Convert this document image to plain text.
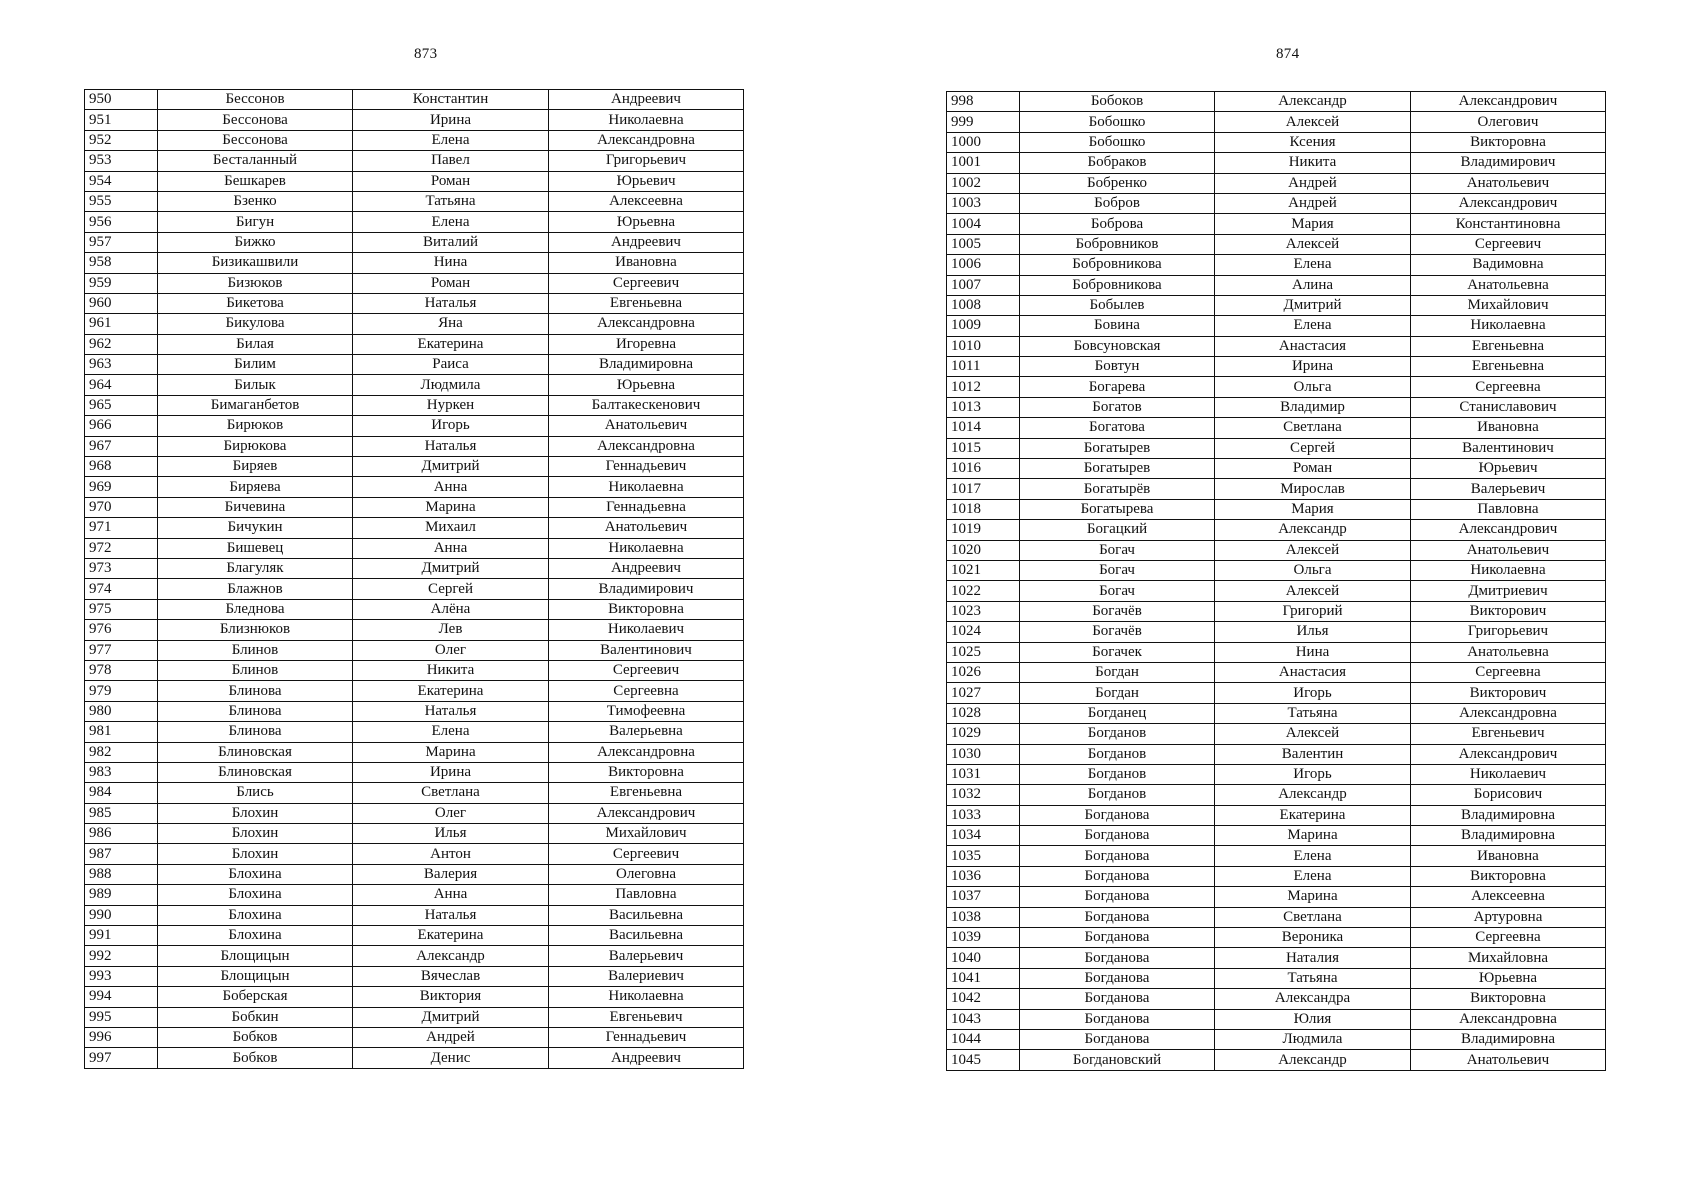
873
950	Бессонов	Константин	Андреевич
951	Бессонова	Ирина	Николаевна
952	Бессонова	Елена	Александровна
953	Бесталанный	Павел	Григорьевич
954	Бешкарев	Роман	Юрьевич
955	Бзенко	Татьяна	Алексеевна
956	Бигун	Елена	Юрьевна
957	Бижко	Виталий	Андреевич
958	Бизикашвили	Нина	Ивановна
959	Бизюков	Роман	Сергеевич
960	Бикетова	Наталья	Евгеньевна
961	Бикулова	Яна	Александровна
962	Билая	Екатерина	Игоревна
963	Билим	Раиса	Владимировна
964	Билык	Людмила	Юрьевна
965	Бимаганбетов	Нуркен	Балтакескенович
966	Бирюков	Игорь	Анатольевич
967	Бирюкова	Наталья	Александровна
968	Биряев	Дмитрий	Геннадьевич
969	Биряева	Анна	Николаевна
970	Бичевина	Марина	Геннадьевна
971	Бичукин	Михаил	Анатольевич
972	Бишевец	Анна	Николаевна
973	Благуляк	Дмитрий	Андреевич
974	Блажнов	Сергей	Владимирович
975	Бледнова	Алёна	Викторовна
976	Близнюков	Лев	Николаевич
977	Блинов	Олег	Валентинович
978	Блинов	Никита	Сергеевич
979	Блинова	Екатерина	Сергеевна
980	Блинова	Наталья	Тимофеевна
981	Блинова	Елена	Валерьевна
982	Блиновская	Марина	Александровна
983	Блиновская	Ирина	Викторовна
984	Блись	Светлана	Евгеньевна
985	Блохин	Олег	Александрович
986	Блохин	Илья	Михайлович
987	Блохин	Антон	Сергеевич
988	Блохина	Валерия	Олеговна
989	Блохина	Анна	Павловна
990	Блохина	Наталья	Васильевна
991	Блохина	Екатерина	Васильевна
992	Блощицын	Александр	Валерьевич
993	Блощицын	Вячеслав	Валериевич
994	Боберская	Виктория	Николаевна
995	Бобкин	Дмитрий	Евгеньевич
996	Бобков	Андрей	Геннадьевич
997	Бобков	Денис	Андреевич
874
998	Бобоков	Александр	Александрович
999	Бобошко	Алексей	Олегович
1000	Бобошко	Ксения	Викторовна
1001	Бобраков	Никита	Владимирович
1002	Бобренко	Андрей	Анатольевич
1003	Бобров	Андрей	Александрович
1004	Боброва	Мария	Константиновна
1005	Бобровников	Алексей	Сергеевич
1006	Бобровникова	Елена	Вадимовна
1007	Бобровникова	Алина	Анатольевна
1008	Бобылев	Дмитрий	Михайлович
1009	Бовина	Елена	Николаевна
1010	Бовсуновская	Анастасия	Евгеньевна
1011	Бовтун	Ирина	Евгеньевна
1012	Богарева	Ольга	Сергеевна
1013	Богатов	Владимир	Станиславович
1014	Богатова	Светлана	Ивановна
1015	Богатырев	Сергей	Валентинович
1016	Богатырев	Роман	Юрьевич
1017	Богатырёв	Мирослав	Валерьевич
1018	Богатырева	Мария	Павловна
1019	Богацкий	Александр	Александрович
1020	Богач	Алексей	Анатольевич
1021	Богач	Ольга	Николаевна
1022	Богач	Алексей	Дмитриевич
1023	Богачёв	Григорий	Викторович
1024	Богачёв	Илья	Григорьевич
1025	Богачек	Нина	Анатольевна
1026	Богдан	Анастасия	Сергеевна
1027	Богдан	Игорь	Викторович
1028	Богданец	Татьяна	Александровна
1029	Богданов	Алексей	Евгеньевич
1030	Богданов	Валентин	Александрович
1031	Богданов	Игорь	Николаевич
1032	Богданов	Александр	Борисович
1033	Богданова	Екатерина	Владимировна
1034	Богданова	Марина	Владимировна
1035	Богданова	Елена	Ивановна
1036	Богданова	Елена	Викторовна
1037	Богданова	Марина	Алексеевна
1038	Богданова	Светлана	Артуровна
1039	Богданова	Вероника	Сергеевна
1040	Богданова	Наталия	Михайловна
1041	Богданова	Татьяна	Юрьевна
1042	Богданова	Александра	Викторовна
1043	Богданова	Юлия	Александровна
1044	Богданова	Людмила	Владимировна
1045	Богдановский	Александр	Анатольевич
